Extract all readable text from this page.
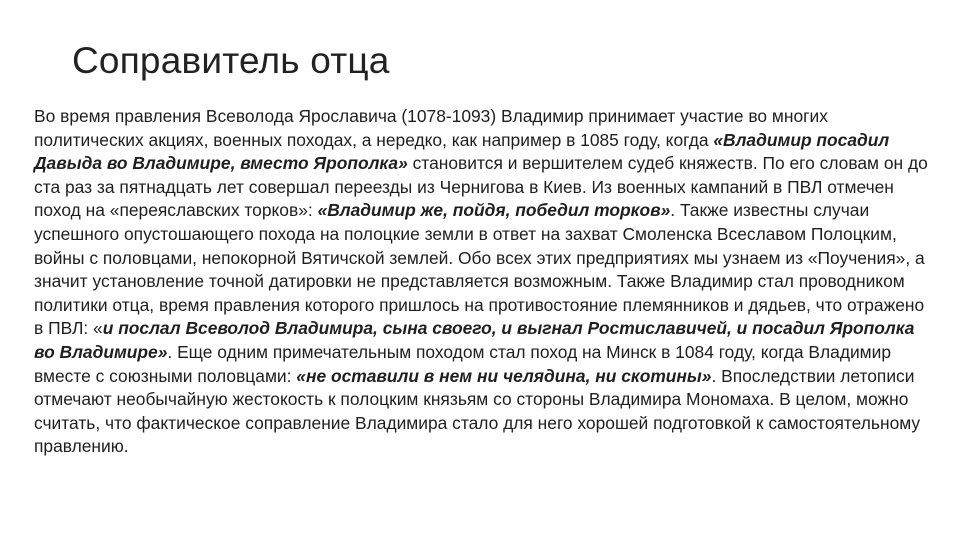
Соправитель отца

Во время правления Всеволода Ярославича (1078-1093) Владимир принимает участие во многих политических акциях, военных походах, а нередко, как например в 1085 году, когда «Владимир посадил Давыда во Владимире, вместо Ярополка» становится и вершителем судеб княжеств. По его словам он до ста раз за пятнадцать лет совершал переезды из Чернигова в Киев. Из военных кампаний в ПВЛ отмечен поход на «переяславских торков»: «Владимир же, пойдя, победил торков». Также известны случаи успешного опустошающего похода на полоцкие земли в ответ на захват Смоленска Всеславом Полоцким, войны с половцами, непокорной Вятичской землей. Обо всех этих предприятиях мы узнаем из «Поучения», а значит установление точной датировки не представляется возможным. Также Владимир стал проводником политики отца, время правления которого пришлось на противостояние племянников и дядьев, что отражено в ПВЛ: «и послал Всеволод Владимира, сына своего, и выгнал Ростиславичей, и посадил Ярополка во Владимире». Еще одним примечательным походом стал поход на Минск в 1084 году, когда Владимир вместе с союзными половцами: «не оставили в нем ни челядина, ни скотины». Впоследствии летописи отмечают необычайную жестокость к полоцким князьям со стороны Владимира Мономаха. В целом, можно считать, что фактическое соправление Владимира стало для него хорошей подготовкой к самостоятельному правлению.
